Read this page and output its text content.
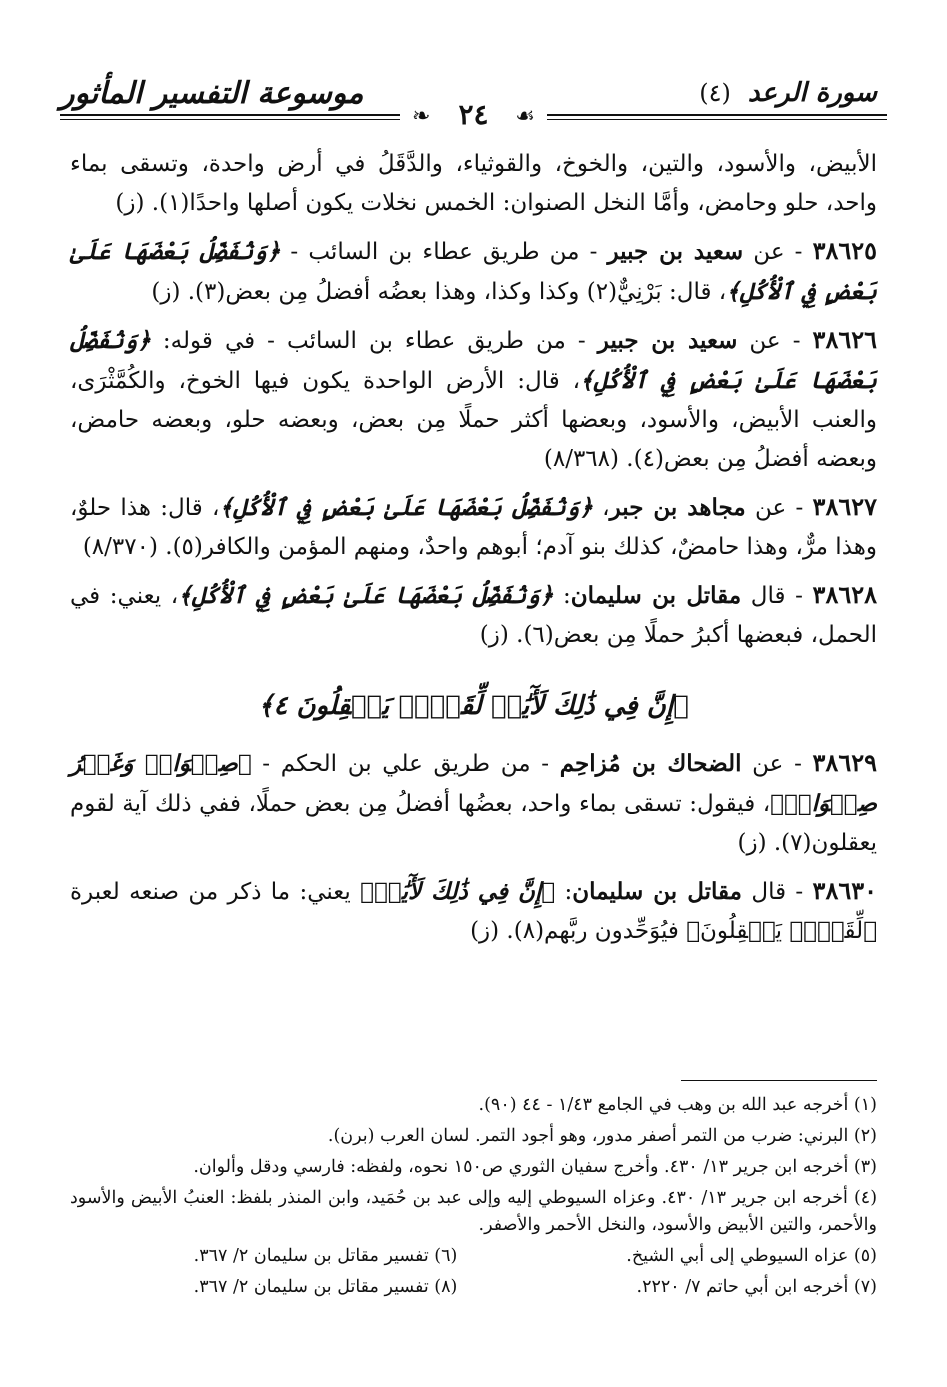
موسوعة التفسير المأثور	سورة الرعد (٤)
❧	☙
٢٤

الأبيض، والأسود، والتين، والخوخ، والقوثياء، والدَّقَلُ في أرض واحدة، وتسقى بماء واحد، حلو وحامض، وأمَّا النخل الصنوان: الخمس نخلات يكون أصلها واحدًا(١). (ز)

٣٨٦٢٥ - عن سعيد بن جبير - من طريق عطاء بن السائب - ﴿وَنُفَضِّلُ بَعْضَهَا عَلَىٰ بَعْضٍ فِي ٱلْأُكُلِ﴾، قال: بَرْنِيٌّ(٢) وكذا وكذا، وهذا بعضُه أفضلُ مِن بعض(٣). (ز)

٣٨٦٢٦ - عن سعيد بن جبير - من طريق عطاء بن السائب - في قوله: ﴿وَنُفَضِّلُ بَعْضَهَا عَلَىٰ بَعْضٍ فِي ٱلْأُكُلِ﴾، قال: الأرض الواحدة يكون فيها الخوخ، والكُمَّثْرَى، والعنب الأبيض، والأسود، وبعضها أكثر حملًا مِن بعض، وبعضه حلو، وبعضه حامض، وبعضه أفضلُ مِن بعض(٤). (٨/٣٦٨)

٣٨٦٢٧ - عن مجاهد بن جبر، ﴿وَنُفَضِّلُ بَعْضَهَا عَلَىٰ بَعْضٍ فِي ٱلْأُكُلِ﴾، قال: هذا حلوٌ، وهذا مرٌّ، وهذا حامضٌ، كذلك بنو آدم؛ أبوهم واحدٌ، ومنهم المؤمن والكافر(٥). (٨/٣٧٠)

٣٨٦٢٨ - قال مقاتل بن سليمان: ﴿وَنُفَضِّلُ بَعْضَهَا عَلَىٰ بَعْضٍ فِي ٱلْأُكُلِ﴾، يعني: في الحمل، فبعضها أكبرُ حملًا مِن بعض(٦). (ز)

﴿إِنَّ فِي ذَٰلِكَ لَأٓيَٰتٖ لِّقَوۡمٖ يَعۡقِلُونَ ٤﴾

٣٨٦٢٩ - عن الضحاك بن مُزاحِم - من طريق علي بن الحكم - ﴿صِنۡوَانٞ وَغَيۡرُ صِنۡوَانٖ﴾، فيقول: تسقى بماء واحد، بعضُها أفضلُ مِن بعض حملًا، ففي ذلك آية لقوم يعقلون(٧). (ز)

٣٨٦٣٠ - قال مقاتل بن سليمان: ﴿إِنَّ فِي ذَٰلِكَ لَأٓيَٰتٖ﴾ يعني: ما ذكر من صنعه لعبرة ﴿لِّقَوۡمٖ يَعۡقِلُونَ﴾ فيُوَحِّدون ربَّهم(٨). (ز)

(١) أخرجه عبد الله بن وهب في الجامع ١/٤٣ - ٤٤ (٩٠).

(٢) البرني: ضرب من التمر أصفر مدور، وهو أجود التمر. لسان العرب (برن).

(٣) أخرجه ابن جرير ١٣/ ٤٣٠. وأخرج سفيان الثوري ص١٥٠ نحوه، ولفظه: فارسي ودقل وألوان.

(٤) أخرجه ابن جرير ١٣/ ٤٣٠. وعزاه السيوطي إليه وإلى عبد بن حُمَيد، وابن المنذر بلفظ: العنبُ الأبيض والأسود والأحمر، والتين الأبيض والأسود، والنخل الأحمر والأصفر.

(٥) عزاه السيوطي إلى أبي الشيخ.

(٦) تفسير مقاتل بن سليمان ٢/ ٣٦٧.

(٧) أخرجه ابن أبي حاتم ٧/ ٢٢٢٠.

(٨) تفسير مقاتل بن سليمان ٢/ ٣٦٧.
